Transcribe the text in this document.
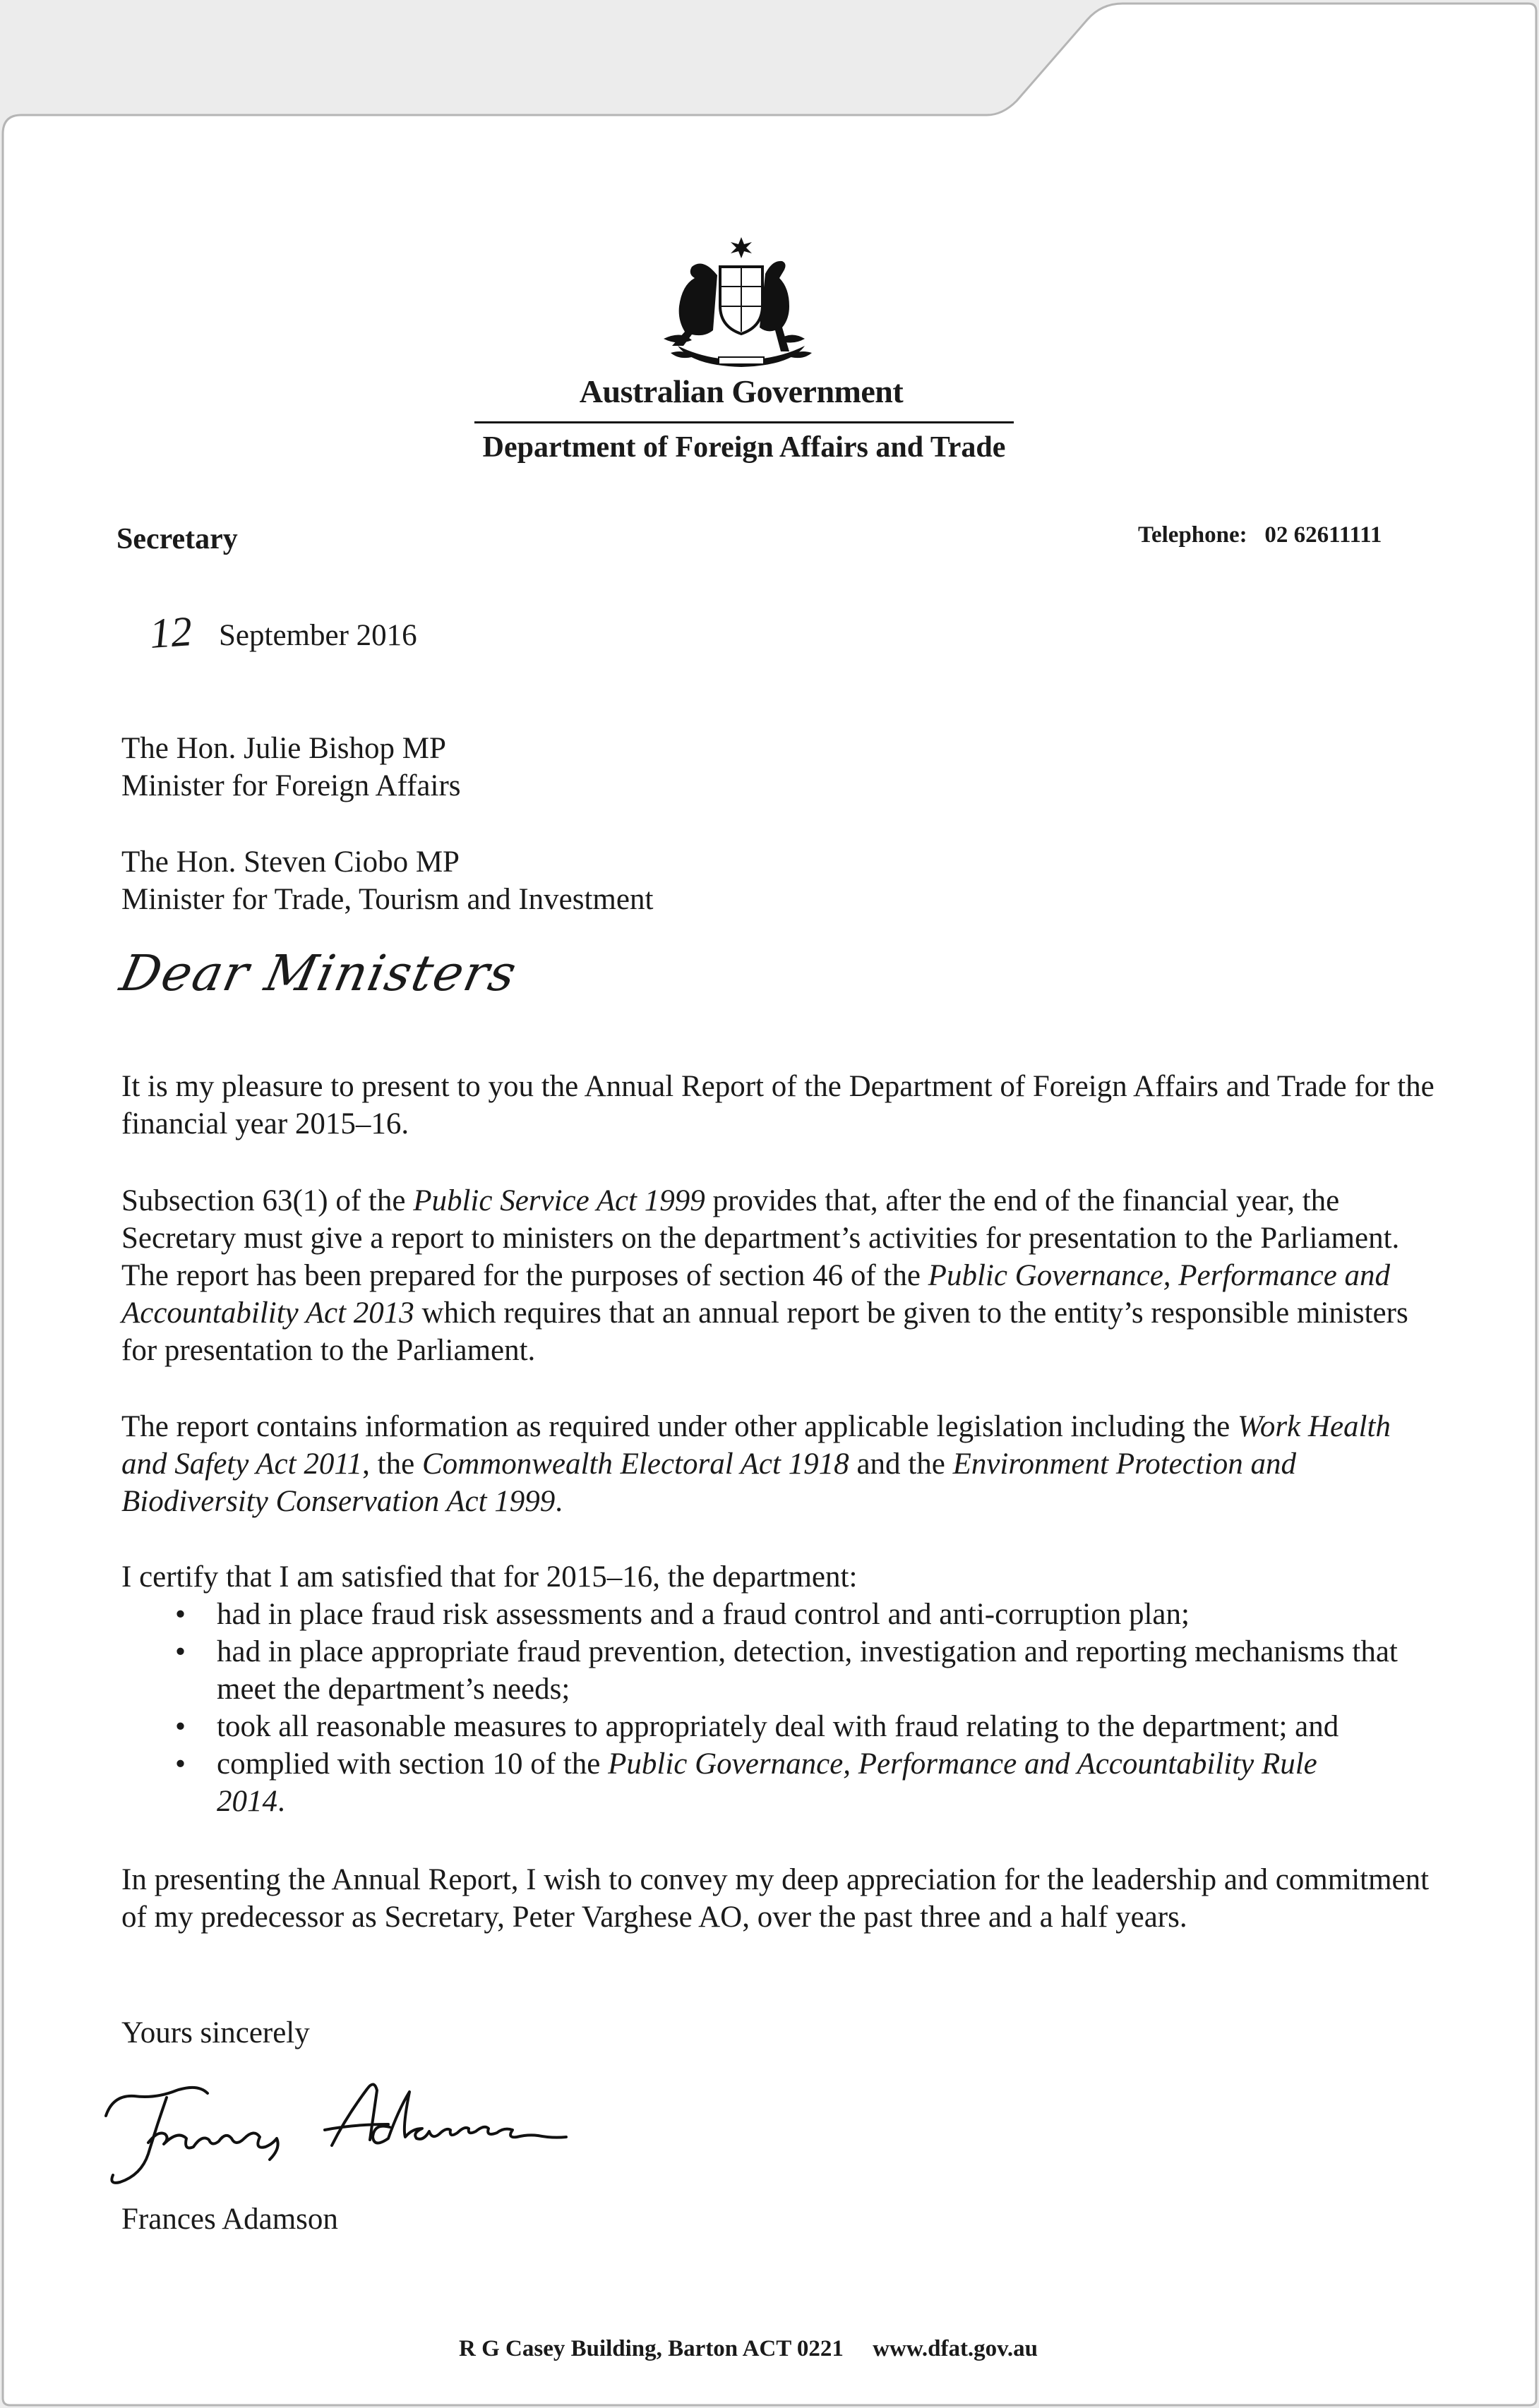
Australian Government
Department of Foreign Affairs and Trade
Secretary	Telephone: 02 62611111
12 September 2016
The Hon. Julie Bishop MP
Minister for Foreign Affairs
The Hon. Steven Ciobo MP
Minister for Trade, Tourism and Investment
Dear Ministers
It is my pleasure to present to you the Annual Report of the Department of Foreign Affairs and Trade for the financial year 2015–16.
Subsection 63(1) of the Public Service Act 1999 provides that, after the end of the financial year, the Secretary must give a report to ministers on the department’s activities for presentation to the Parliament. The report has been prepared for the purposes of section 46 of the Public Governance, Performance and Accountability Act 2013 which requires that an annual report be given to the entity’s responsible ministers for presentation to the Parliament.
The report contains information as required under other applicable legislation including the Work Health and Safety Act 2011, the Commonwealth Electoral Act 1918 and the Environment Protection and Biodiversity Conservation Act 1999.
I certify that I am satisfied that for 2015–16, the department:
• had in place fraud risk assessments and a fraud control and anti-corruption plan;
• had in place appropriate fraud prevention, detection, investigation and reporting mechanisms that meet the department’s needs;
• took all reasonable measures to appropriately deal with fraud relating to the department; and
• complied with section 10 of the Public Governance, Performance and Accountability Rule 2014.
In presenting the Annual Report, I wish to convey my deep appreciation for the leadership and commitment of my predecessor as Secretary, Peter Varghese AO, over the past three and a half years.
Yours sincerely
Frances Adamson
R G Casey Building, Barton ACT 0221 www.dfat.gov.au
